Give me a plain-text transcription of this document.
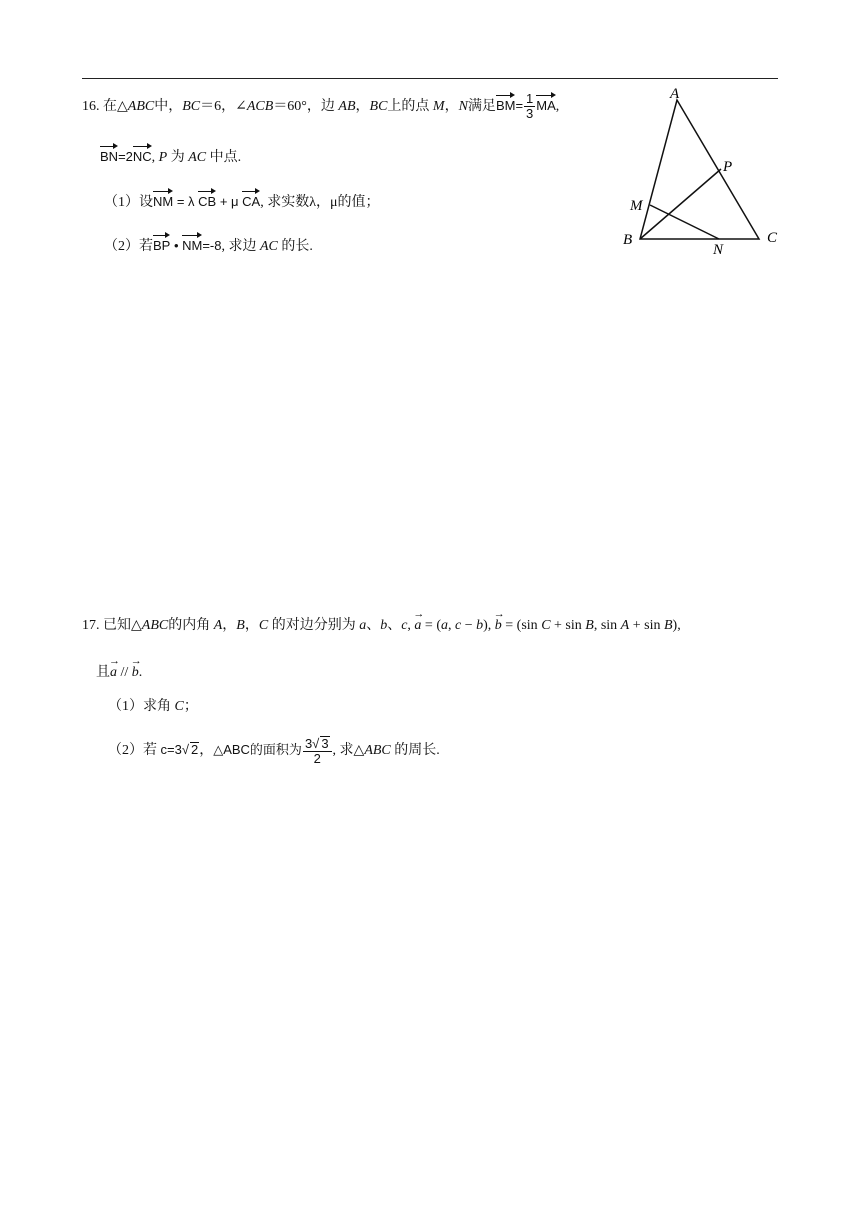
16. 在△ABC中，BC＝6，∠ACB＝60°，边 AB，BC上的点 M，N满足$BM= \frac{1}{3}$ MA,
BN=2NC, P 为 AC 中点.
（1）设NM = λ CB + μ CA, 求实数λ，μ的值；
（2）若BP • NM=-8, 求边 AC 的长.
A
B	C
M
N
P
17. 已知△ABC的内角 A，B，C 的对边分别为 a、b、c, a → = (a, c − b), b → = (sin C + sin B, sin A + sin B),
且a → // b →.
（1）求角 C；
（2）若 c=3√ 2，△ABC的面积为 $\frac{3√ 3}{2}$ , 求△ABC 的周长.
